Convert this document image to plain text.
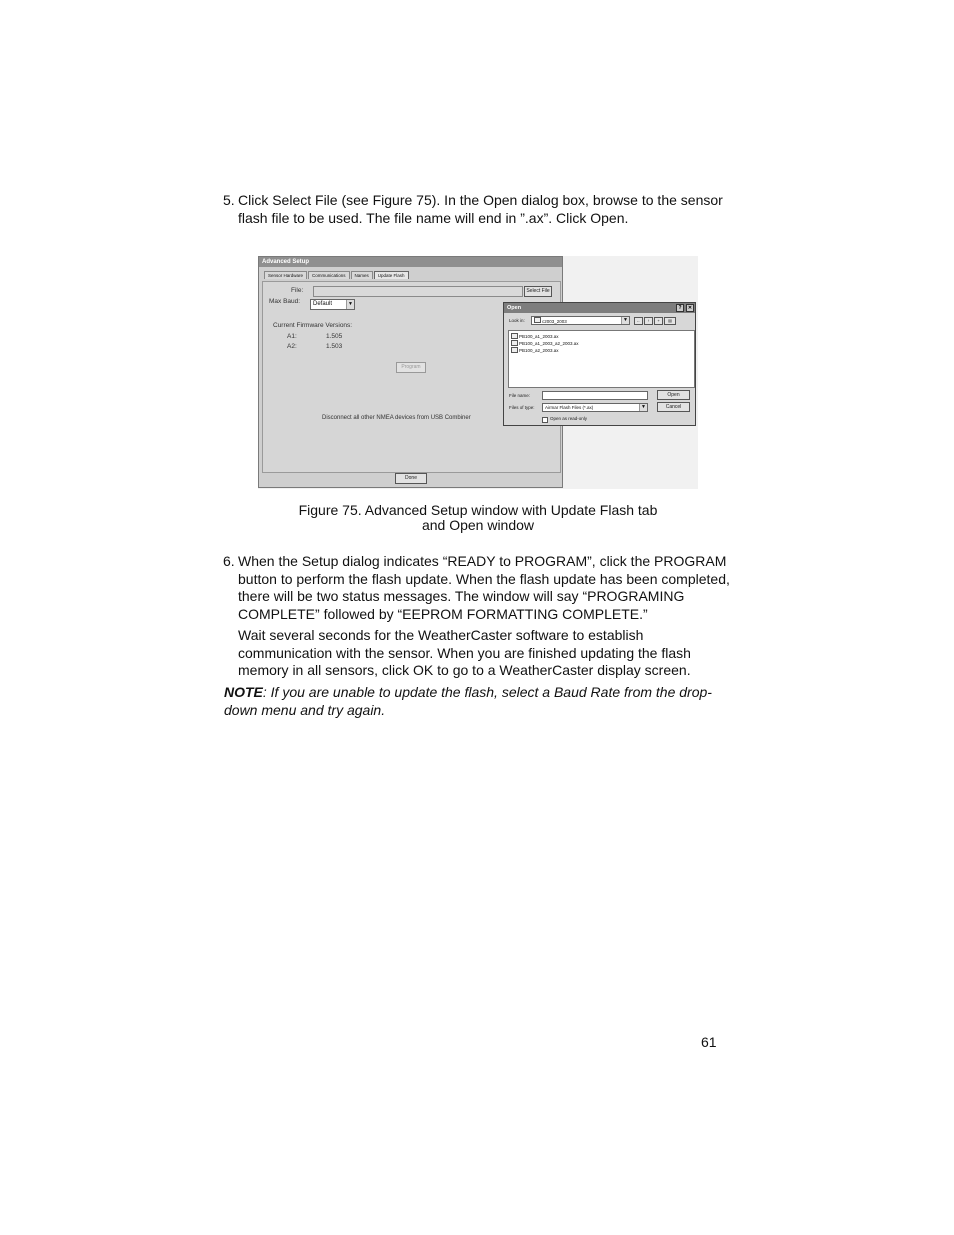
5. Click Select File (see Figure 75). In the Open dialog box, browse to the sensor flash file to be used. The file name will end in ”.ax”. Click Open.
Advanced Setup
Sensor Hardware	Communications	Names	Update Flash
File:	Select File
Max Baud:	Default	▼
Current Firmware Versions:
A1:	1.505
A2:	1.503
Program
Disconnect all other NMEA devices from USB Combiner
Done
Open	?	✕
Look in:	c2003_2003	▼	←	↑	+	▤
PB100_a1_2003.ax
PB100_a1_2003_a2_2003.ax
PB100_a2_2003.ax
File name:
Files of type:	Airmar Flash Files (*.ax)	▼
Open
Cancel
Open as read-only
Figure 75. Advanced Setup window with Update Flash tab
and Open window
6. When the Setup dialog indicates “READY to PROGRAM”, click the PROGRAM button to perform the flash update. When the flash update has been completed, there will be two status messages. The window will say “PROGRAMING COMPLETE” followed by “EEPROM FORMATTING COMPLETE.”
Wait several seconds for the WeatherCaster software to establish communication with the sensor. When you are finished updating the flash memory in all sensors, click OK to go to a WeatherCaster display screen.
NOTE: If you are unable to update the flash, select a Baud Rate from the drop-down menu and try again.
61
